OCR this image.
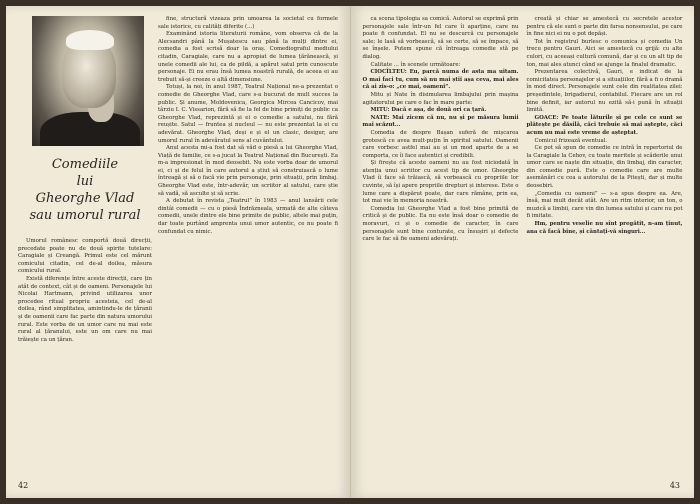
Comediile
lui
Gheorghe Vlad
sau umorul rural

Umorul românesc comportă două direcții, precedate poate nu de două spirite tutelare: Caragiale și Creangă. Primul este cel mărunt comicului citadin, cel de-al doilea, măsura comicului rural.

Există diferențe între aceste direcții, care țin atât de context, cât și de oameni. Personajele lui Nicolai Hartmann, privind utilizarea unor procedee ritual propriu acesteia, cel de-al doilea, rând simplitatea, amintindu-le de țăranii și de oamenii care fac parte din natura umorului rural. Este vorba de un umor care nu mai este rural al țăranului, este un om care nu mai trăiește ca un țăran.

fine, structură vizeaza prin umoarea la societal cu formele sale istorice, cu calități diferite (...)

Examinând istoria literaturii române, vom observa că de la Alecsandri până la Mușatescu sau până la mulți dintre ei, comedia a fost scrisă doar la oraș. Comediograful mediului citadin, Caragiale, care nu a apropiat de lumea țărănească, și unele comedii ale lui, ca de pildă, a apărut satul prin cunoscute personaje. Ei nu erau însă lumea noastră rurală, de aceea ei au trebuit să-și creeze o altă dimensiune.

Totuși, la noi, în anul 1987, Teatrul Național ne-a prezentat o comedie de Gheorghe Vlad, care s-a bucurat de mult succes la public. Și anume, Moldovenica, Georgica Mircea Cancicov, mai târziu I. C. Vissarion, fără să fie la fel de bine primiți de public ca Gheorghe Vlad, reprezintă și ei o comedie a satului, nu fără reușite. Satul — fruntea și nucleul — nu este prezentat la ei cu adevărat. Gheorghe Vlad, deși e și el un clasic, desigur, are umorul rural în adevăratul sens al cuvântului.

Anul acesta mi-a fost dat să văd o piesă a lui Gheorghe Vlad, Viață de familie, ce s-a jucat la Teatrul Național din București. Ea m-a impresionat în mod deosebit. Nu este vorba doar de umorul ei, ci și de felul în care autorul a știut să construiască o lume întreagă și să o facă vie prin personaje, prin situații, prin limbaj. Gheorghe Vlad este, într-adevăr, un scriitor al satului, care știe să vadă, să asculte și să scrie.

A debutat în revista „Teatrul” în 1983 — anul lansării cele dintâi comedii — cu o piesă Îndrăzneala, urmată de alte câteva comedii, unele dintre ele bine primite de public, altele mai puțin, dar toate purtând amprenta unui umor autentic, ce nu poate fi confundat cu nimic.

42

ca scena tipologia sa comică. Autorul se exprimă prin personajele sale într-un fel care îi aparține, care nu poate fi confundat. El nu se descurcă cu personajele sale; le lasă să vorbească, să se certe, să se împace, să se înșele. Putem spune că întreaga comedie stă pe dialog.

Calitate ... în scenele următoare:

CIOCÎLTEU: Eu, parcă numa de asta ma uitam. O mai faci tu, cum să nu mai știi așa ceva, mai ales că ai zis-o: „ce mai, oameni”.

Mitu și Nate în disimularea limbajului prin mașina agitatorului pe care o fac în mare parte:

MITU: Dacă e așa, de două ori ca țară.

NATE: Mai zicem că nu, nu și pe măsura lumii mai scăzut...

Comedia de despre Bașan suferă de mișcarea grotescă ce avea mult-puțin în spiritul satului. Oamenii care vorbesc astfel mai au și un mod aparte de a se comporta, ce îi face autentici și credibili.

Și firește că aceste oameni nu au fost niciodată în atenția unui scriitor cu acest tip de umor. Gheorghe Vlad îi face să trăiască, să vorbească cu propriile lor cuvinte, să își apere propriile drepturi și interese. Este o lume care a dispărut poate, dar care rămâne, prin ea, tot mai vie în memoria noastră.

Comedia lui Gheorghe Vlad a fost bine primită de critică și de public. Ea nu este însă doar o comedie de moravuri, ci și o comedie de caracter, în care personajele sunt bine conturate, cu însușiri și defecte care le fac să fie oameni adevărați.

creată și chiar se amestecă cu secretele acestor pentru că ele sunt o parte din farsa nonsensului, pe care în fine nici ei nu o pot depăși.

Tot în registrul burlesc o comunica și comedia Un trecu pentru Gauri. Aici se amestecă cu grijă: cu alte culori, cu aceeași cultură comună, dar și cu un alt tip de ton, mai ales atunci când se ajunge la finalul dramatic.

Prezentarea colectivă, Gauri, e indicat de la comicitatea personajelor și a situațiilor, fără a fi o dramă în mod direct. Personajele sunt cele din realitatea zilei: președintele, brigadierul, contabilul. Fiecare are un rol bine definit, iar autorul nu ezită să-i pună în situații limită.

GOACE: Pe toate lăturile și pe cele ce sunt se plătește pe dăsilă, căci trebuie să mai aștepte, căci acum nu mai este vreme de așteptat.

Comicul frizează eventual.

Ce pot să spun de comedie ce intră în repertoriul de la Caragiale la Cehov, cu toate meritele și scăderile unui umor care se naște din situație, din limbaj, din caracter, din comedie pură. Este o comedie care are multe asemănări cu cea a autorului de la Pitești, dar și multe deosebiri.

„Comedia cu oameni” — s-a spus despre ea. Are, însă, mai mult decât atât. Are un ritm interior, un ton, o muzică a limbii, care vin din lumea satului și care nu pot fi imitate.

Hm, pentru veselie nu sînt pregătit, n-am ținut, ana că facă bine, și cântați-vă singuri...

43
